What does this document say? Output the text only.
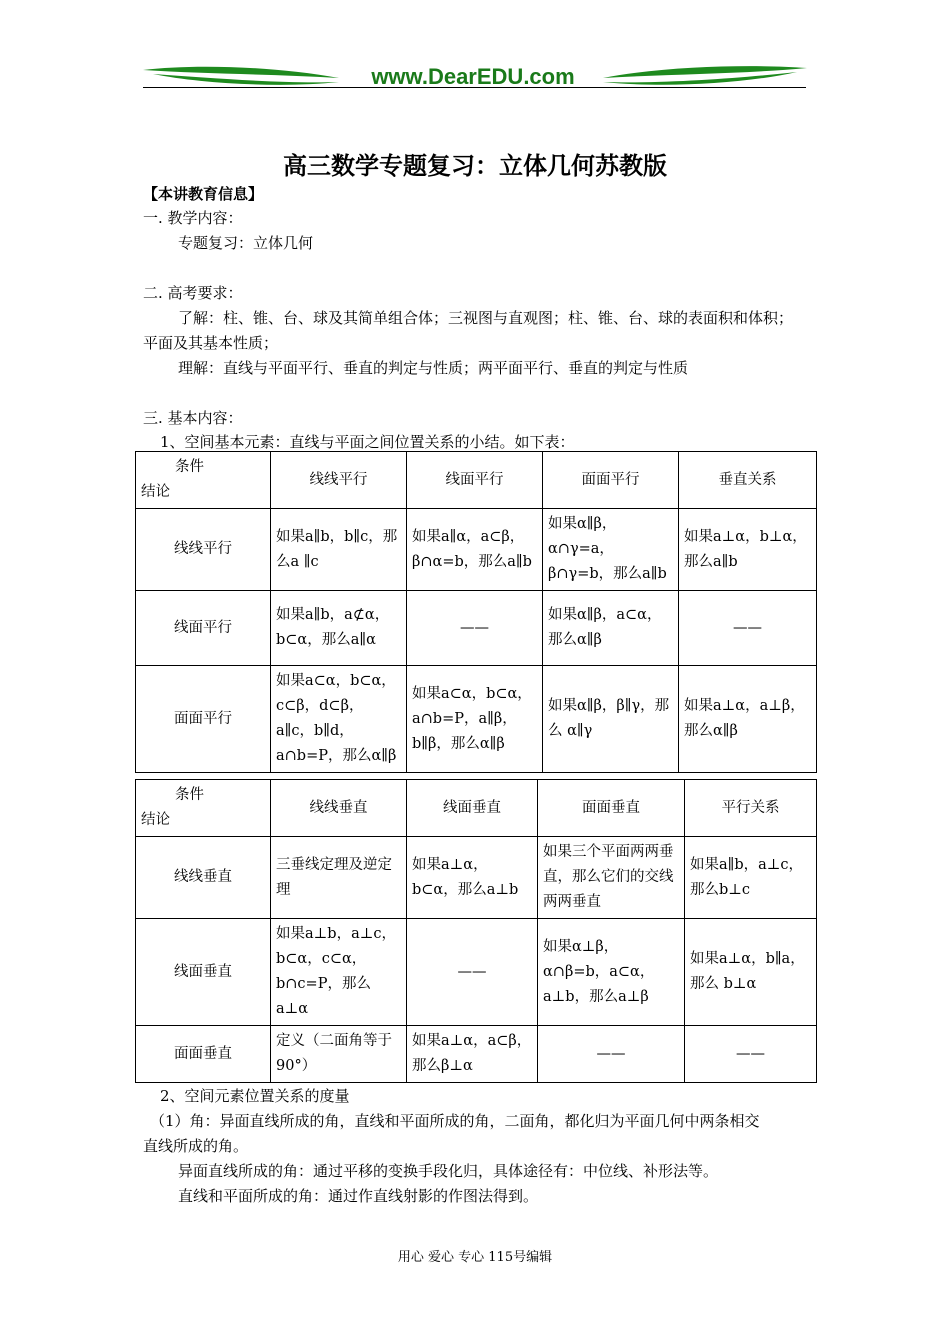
www.DearEDU.com
高三数学专题复习：立体几何苏教版
【本讲教育信息】
一. 教学内容：
专题复习：立体几何
二. 高考要求：
了解：柱、锥、台、球及其简单组合体；三视图与直观图；柱、锥、台、球的表面积和体积；
平面及其基本性质；
理解：直线与平面平行、垂直的判定与性质；两平面平行、垂直的判定与性质
三. 基本内容：
1、空间基本元素：直线与平面之间位置关系的小结。如下表：
条件
结论	线线平行	线面平行	面面平行	垂直关系
线线平行	如果a∥b，b∥c，那么a ∥c	如果a∥α，a⊂β，β∩α=b，那么a∥b	如果α∥β，α∩γ=a，β∩γ=b，那么a∥b	如果a⊥α，b⊥α，那么a∥b
线面平行	如果a∥b，a⊄α，b⊂α，那么a∥α	——	如果α∥β，a⊂α，那么α∥β	——
面面平行	如果a⊂α，b⊂α，c⊂β，d⊂β，a∥c，b∥d，a∩b=P，那么α∥β	如果a⊂α，b⊂α，a∩b=P，a∥β，b∥β，那么α∥β	如果α∥β，β∥γ，那么 α∥γ	如果a⊥α，a⊥β，那么α∥β
条件
结论	线线垂直	线面垂直	面面垂直	平行关系
线线垂直	三垂线定理及逆定理	如果a⊥α，b⊂α，那么a⊥b	如果三个平面两两垂直，那么它们的交线两两垂直	如果a∥b，a⊥c，那么b⊥c
线面垂直	如果a⊥b，a⊥c，b⊂α，c⊂α，b∩c=P，那么a⊥α	——	如果α⊥β，α∩β=b，a⊂α，a⊥b，那么a⊥β	如果a⊥α，b∥a，那么 b⊥α
面面垂直	定义（二面角等于90°）	如果a⊥α，a⊂β，那么β⊥α	——	——
2、空间元素位置关系的度量
（1）角：异面直线所成的角，直线和平面所成的角，二面角，都化归为平面几何中两条相交
直线所成的角。
异面直线所成的角：通过平移的变换手段化归，具体途径有：中位线、补形法等。
直线和平面所成的角：通过作直线射影的作图法得到。
用心 爱心 专心 115号编辑
